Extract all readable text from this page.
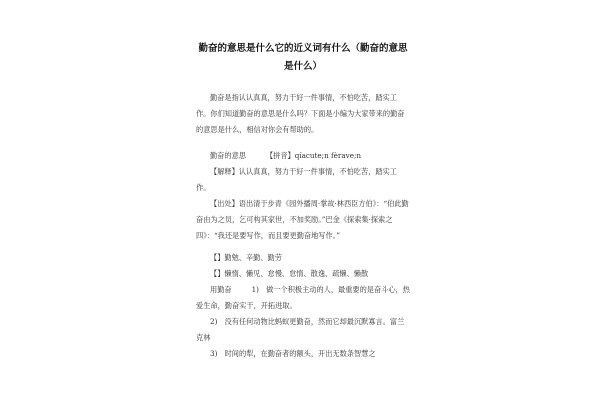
勤奋的意思是什么它的近义词有什么（勤奋的意思是什么）
勤奋是指认认真真，努力干好一件事情，不怕吃苦，踏实工作。你们知道勤奋的意思是什么吗？下面是小编为大家带来的勤奋的意思是什么，相信对你会有帮助的。
勤奋的意思	【拼音】qíacute;n fèrave;n
【解释】认认真真，努力干好一件事情，不怕吃苦，踏实工作。
【出处】语出清于步青《园外播周·掌故·林西臣方伯》：“伯此勤奋由为之员，乞可构其家世，不加奖励。”巴金《探索集·探索之四》：“我还是要写作，而且要更勤奋地写作。”
【】勤勉、辛勤、勤劳
【】懒惰、懒见、怠慢、怠惰、散逸、疏懒、懒散
用勤奋	1)　做一个积极主动的人，最重要的是奋斗心，热爱生命，勤奋实干，开拓进取。
2)　没有任何动物比蚂蚁更勤奋，然而它却最沉默寡言。富兰克林
3)　时间的犁，在勤奋者的额头，开出无数条智慧之
